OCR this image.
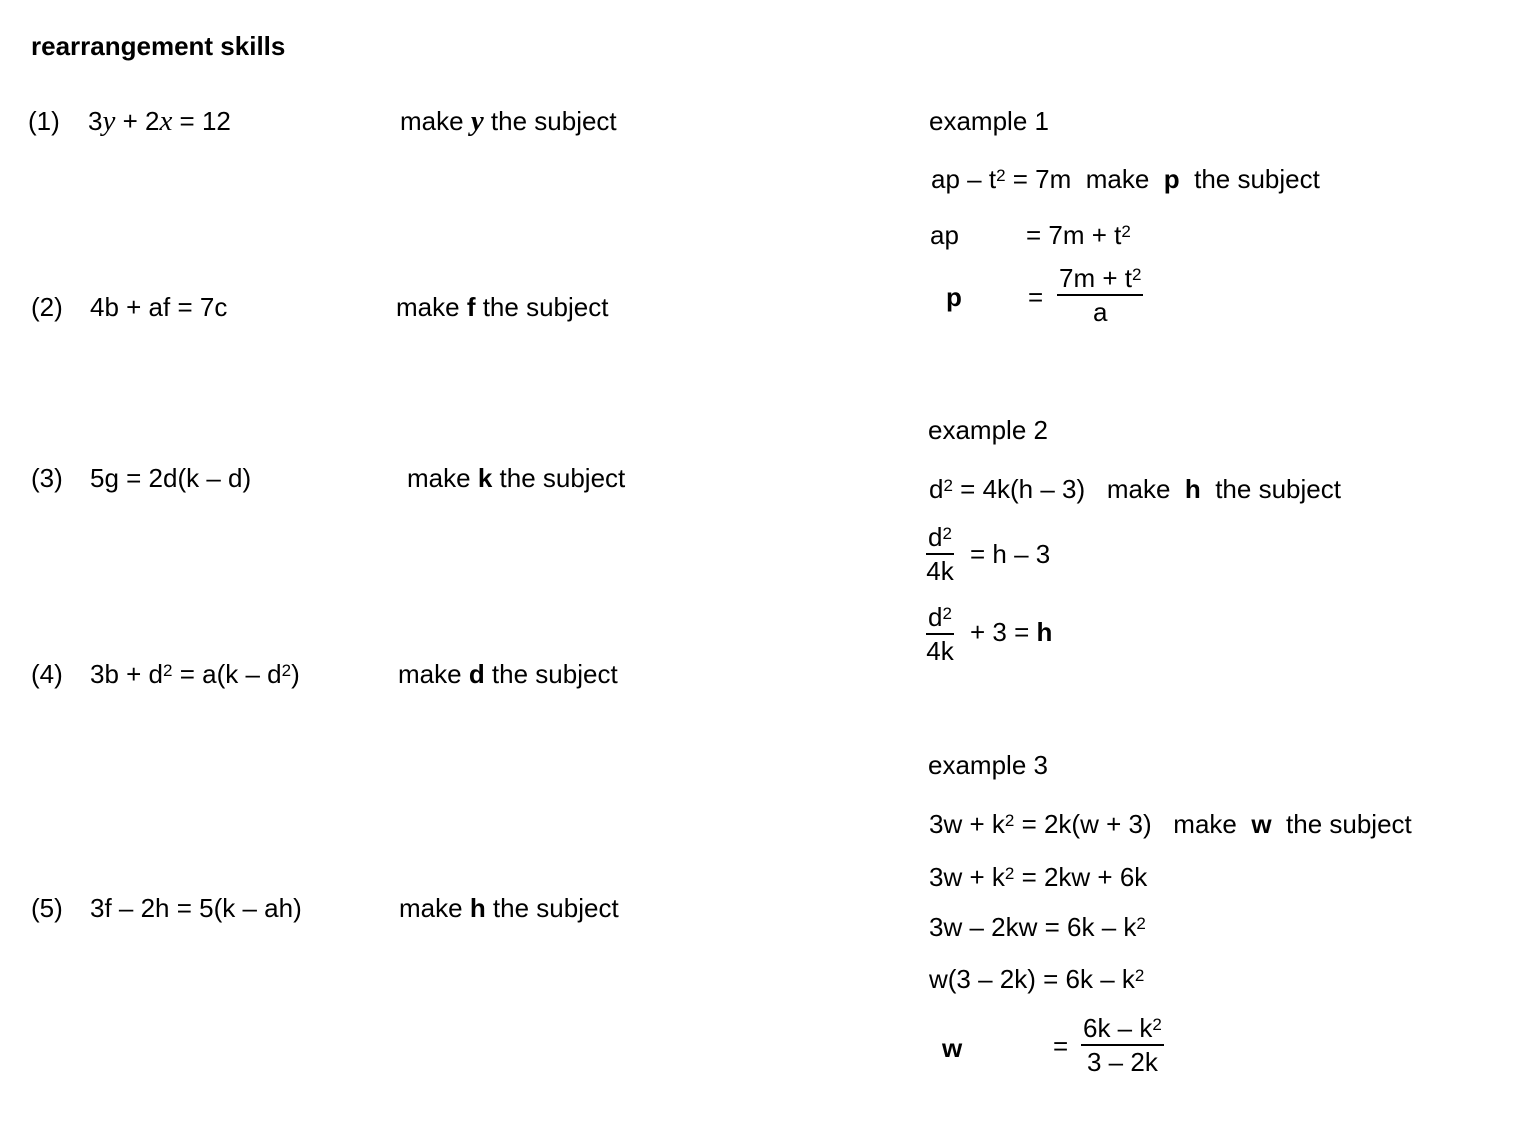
rearrangement skills
(1) 3y + 2x = 12	make y the subject
(2) 4b + af = 7c	make f the subject
(3) 5g = 2d(k – d)	make k the subject
(4) $3b + d^2 = a(k - d^2)$	make d the subject
(5) 3f – 2h = 5(k – ah)	make h the subject
example 1
ap – $t^2 = 7m$  make  p  the subject
ap	= $7m + t^2$
p	= $\frac{7m + t^2}{a}$
example 2
$d^2 = 4k(h - 3)$   make  h  the subject
$\frac{d^2}{4k} = h - 3$
$\frac{d^2}{4k} + 3 = h$
example 3
$3w + k^2 = 2k(w + 3)$   make  w  the subject
$3w + k^2 = 2kw + 6k$
$3w - 2kw = 6k - k^2$
$w(3 - 2k) = 6k - k^2$
w	= $\frac{6k - k^2}{3 - 2k}$
